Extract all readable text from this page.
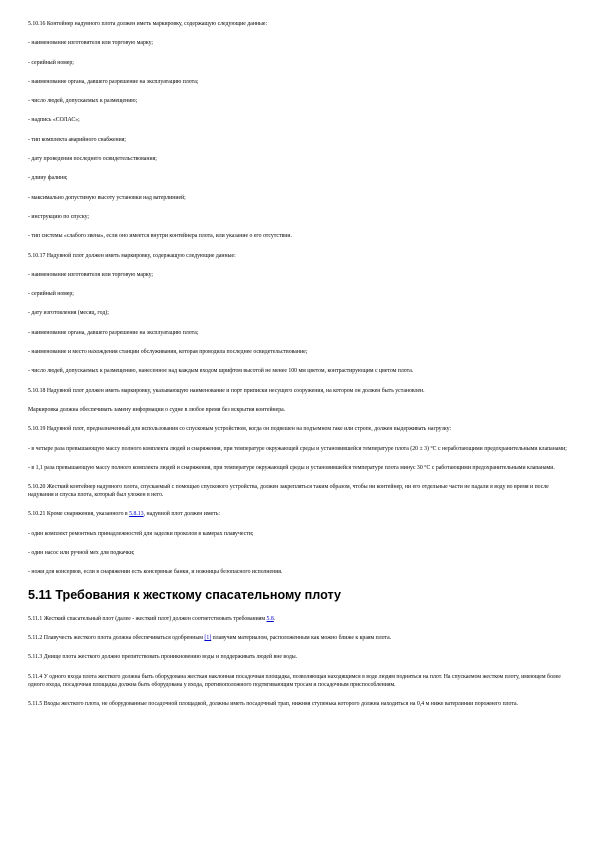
5.10.16 Контейнер надувного плота должен иметь маркировку, содержащую следующие данные:

- наименование изготовителя или торговую марку;

- серийный номер;

- наименование органа, давшего разрешение на эксплуатацию плота;

- число людей, допускаемых к размещению;

- надпись «СОЛАС»;

- тип комплекта аварийного снабжения;

- дату проведения последнего освидетельствования;

- длину фалиня;

- максимально допустимую высоту установки над ватерлинией;

- инструкцию по спуску;

- тип системы «слабого звена», если оно имеется внутри контейнера плота, или указание о его отсутствии.

5.10.17 Надувной плот должен иметь маркировку, содержащую следующие данные:

- наименование изготовителя или торговую марку;

- серийный номер;

- дату изготовления (месяц, год);

- наименование органа, давшего разрешение на эксплуатацию плота;

- наименование и место нахождения станции обслуживания, которая проводила последнее освидетельствование;

- число людей, допускаемых к размещению, нанесенное над каждым входом шрифтом высотой не менее 100 мм цветом, контрастирующим с цветом плота.

5.10.18 Надувной плот должен иметь маркировку, указывающую наименование и порт приписки несущего сооружения, на котором он должен быть установлен.

Маркировка должна обеспечивать замену информации о судне в любое время без вскрытия контейнера.

5.10.19 Надувной плот, предназначенный для использования со спусковым устройством, когда он подвешен на подъемном гаке или стропе, должен выдерживать нагрузку:

- в четыре раза превышающую массу полного комплекта людей и снаряжения, при температуре окружающей среды и установившейся температуре плота (20 ± 3) °С с неработающими предохранительными клапанами;

- в 1,1 раза превышающую массу полного комплекта людей и снаряжения, при температуре окружающей среды и установившейся температуре плота минус 30 °С с работающими предохранительными клапанами.

5.10.20 Жесткий контейнер надувного плота, спускаемый с помощью спускового устройства, должен закрепляться таким образом, чтобы ни контейнер, ни его отдельные части не падали в воду во время и после надувания и спуска плота, который был уложен в него.

5.10.21 Кроме снаряжения, указанного в 5.8.13, надувной плот должен иметь:

- один комплект ремонтных принадлежностей для заделки проколов в камерах плавучести;

- один насос или ручной мех для подкачки;

- ножи для консервов, если в снаряжении есть консервные банки, и ножницы безопасного исполнения.

5.11 Требования к жесткому спасательному плоту

5.11.1 Жесткий спасательный плот (далее - жесткий плот) должен соответствовать требованиям 5.8.

5.11.2 Плавучесть жесткого плота должна обеспечиваться одобренным [1] плавучим материалом, расположенным как можно ближе к краям плота.

5.11.3 Днище плота жесткого должно препятствовать проникновению воды и поддерживать людей вне воды.

5.11.4 У одного входа плота жесткого должна быть оборудована жесткая наклонная посадочная площадка, позволяющая находящимся в воде людям подняться на плот. На спускаемом жестком плоту, имеющем более одного входа, посадочная площадка должна быть оборудована у входа, противоположного подтягивающим тросам и посадочным приспособлениям.

5.11.5 Входы жесткого плота, не оборудованные посадочной площадкой, должны иметь посадочный трап, нижняя ступенька которого должна находиться на 0,4 м ниже ватерлинии порожнего плота.
